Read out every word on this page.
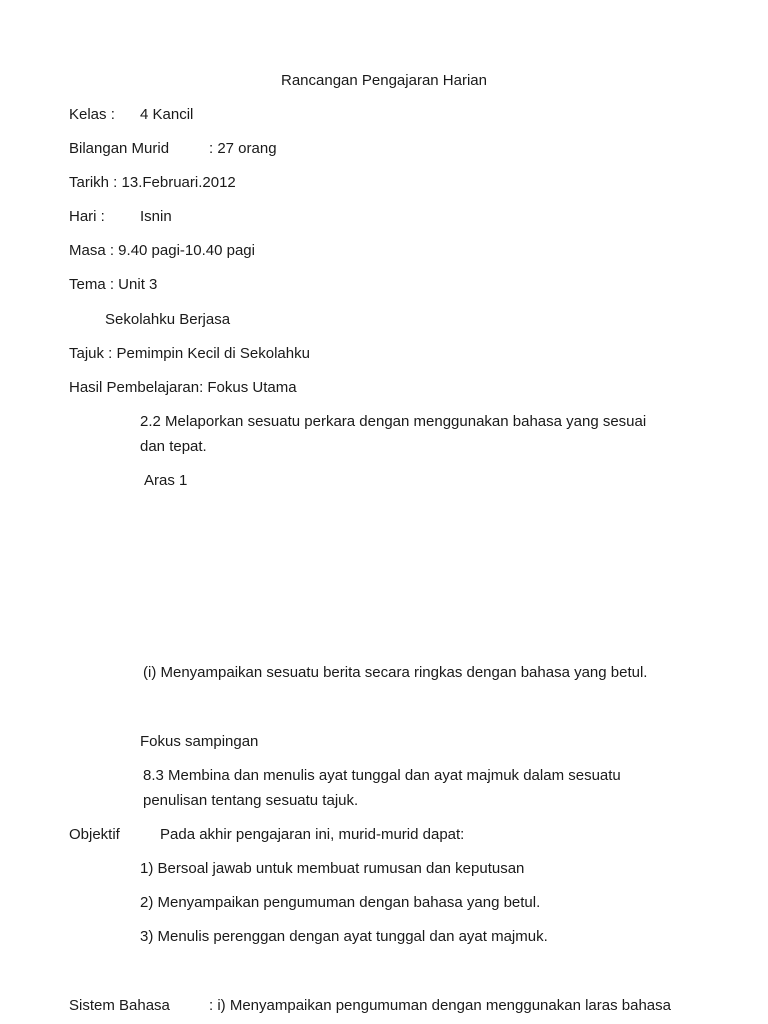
Rancangan Pengajaran Harian
Kelas : 4 Kancil
Bilangan Murid	: 27 orang
Tarikh : 13.Februari.2012
Hari : Isnin
Masa : 9.40 pagi-10.40 pagi
Tema : Unit 3
Sekolahku Berjasa
Tajuk : Pemimpin Kecil di Sekolahku
Hasil Pembelajaran: Fokus Utama
2.2 Melaporkan sesuatu perkara dengan menggunakan bahasa yang sesuai
dan tepat.
Aras 1
(i) Menyampaikan sesuatu berita secara ringkas dengan bahasa yang betul.
Fokus sampingan
8.3 Membina dan menulis ayat tunggal dan ayat majmuk dalam sesuatu
penulisan tentang sesuatu tajuk.
Objektif	Pada akhir pengajaran ini, murid-murid dapat:
1) Bersoal jawab untuk membuat rumusan dan keputusan
2) Menyampaikan pengumuman dengan bahasa yang betul.
3) Menulis perenggan dengan ayat tunggal dan ayat majmuk.
Sistem Bahasa	: i) Menyampaikan pengumuman dengan menggunakan laras bahasa
